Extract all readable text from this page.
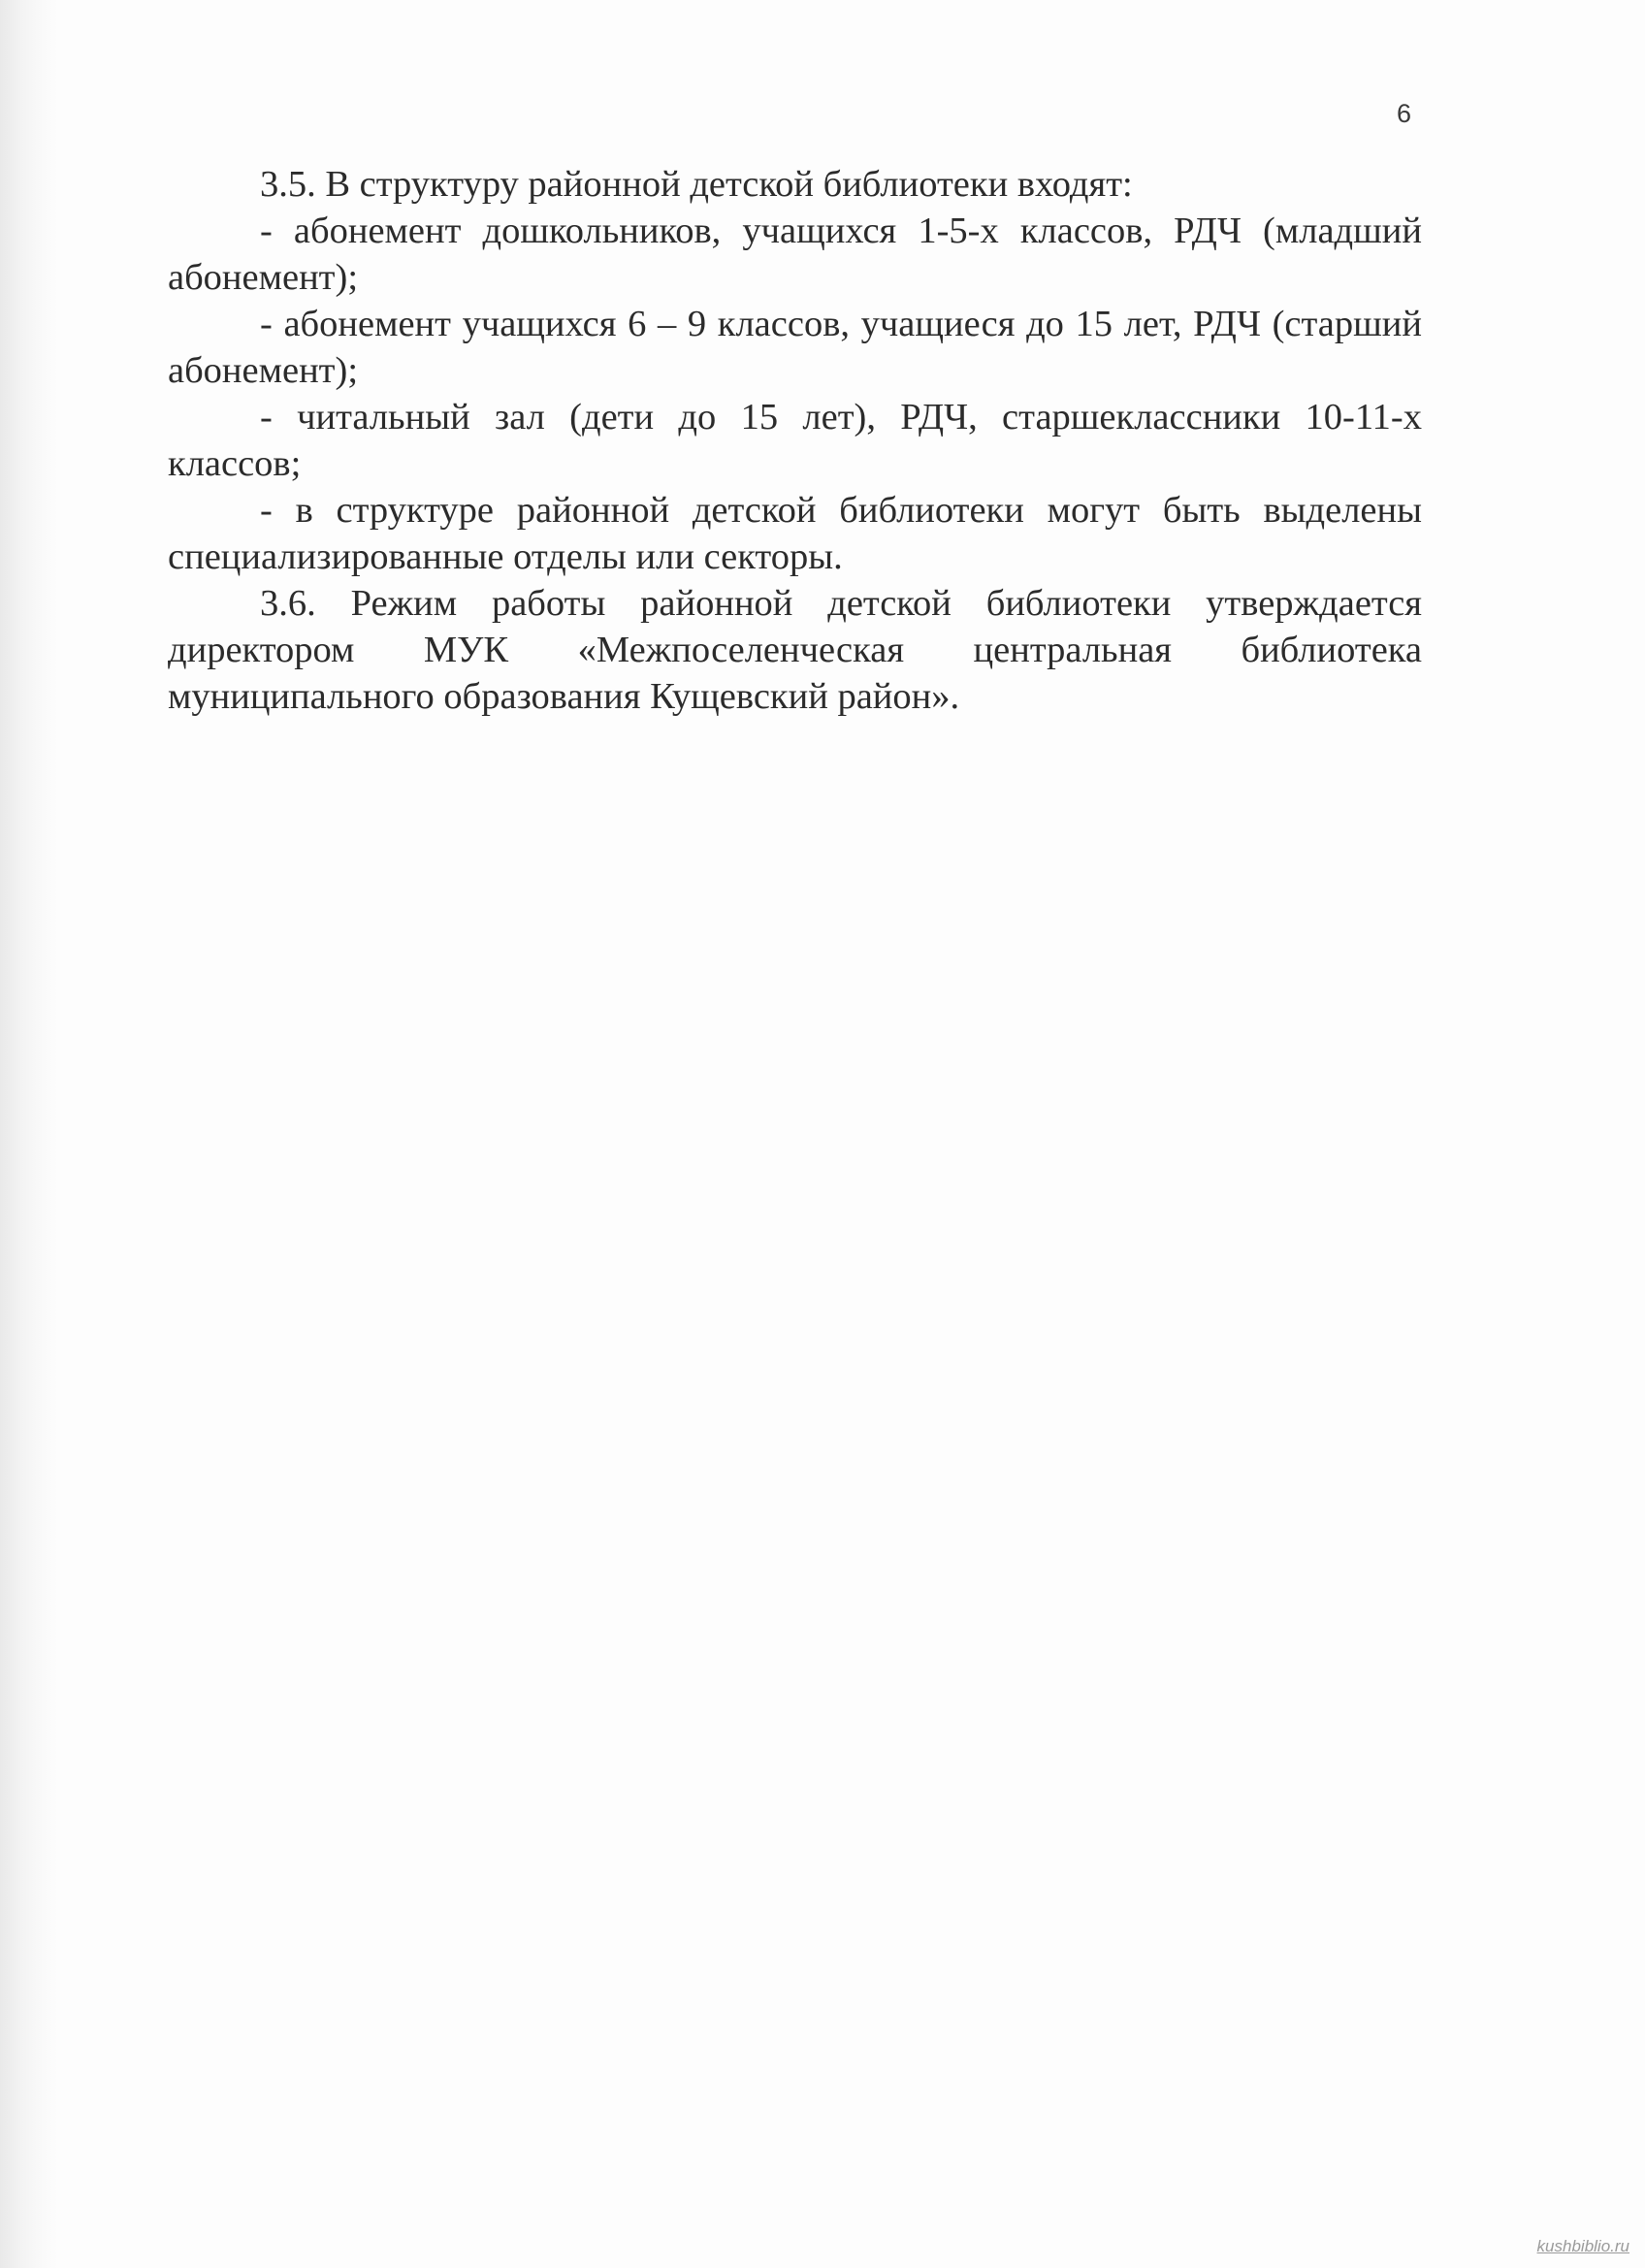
6

3.5. В структуру районной детской библиотеки входят:

- абонемент дошкольников, учащихся 1-5-х классов, РДЧ (младший абонемент);

- абонемент учащихся 6 – 9 классов, учащиеся до 15 лет, РДЧ (старший абонемент);

- читальный зал (дети до 15 лет), РДЧ, старшеклассники 10-11-х классов;

- в структуре районной детской библиотеки могут быть выделены специализированные отделы или секторы.

3.6. Режим работы районной детской библиотеки утверждается директором МУК «Межпоселенческая центральная библиотека муниципального образования Кущевский район».

kushbiblio.ru
